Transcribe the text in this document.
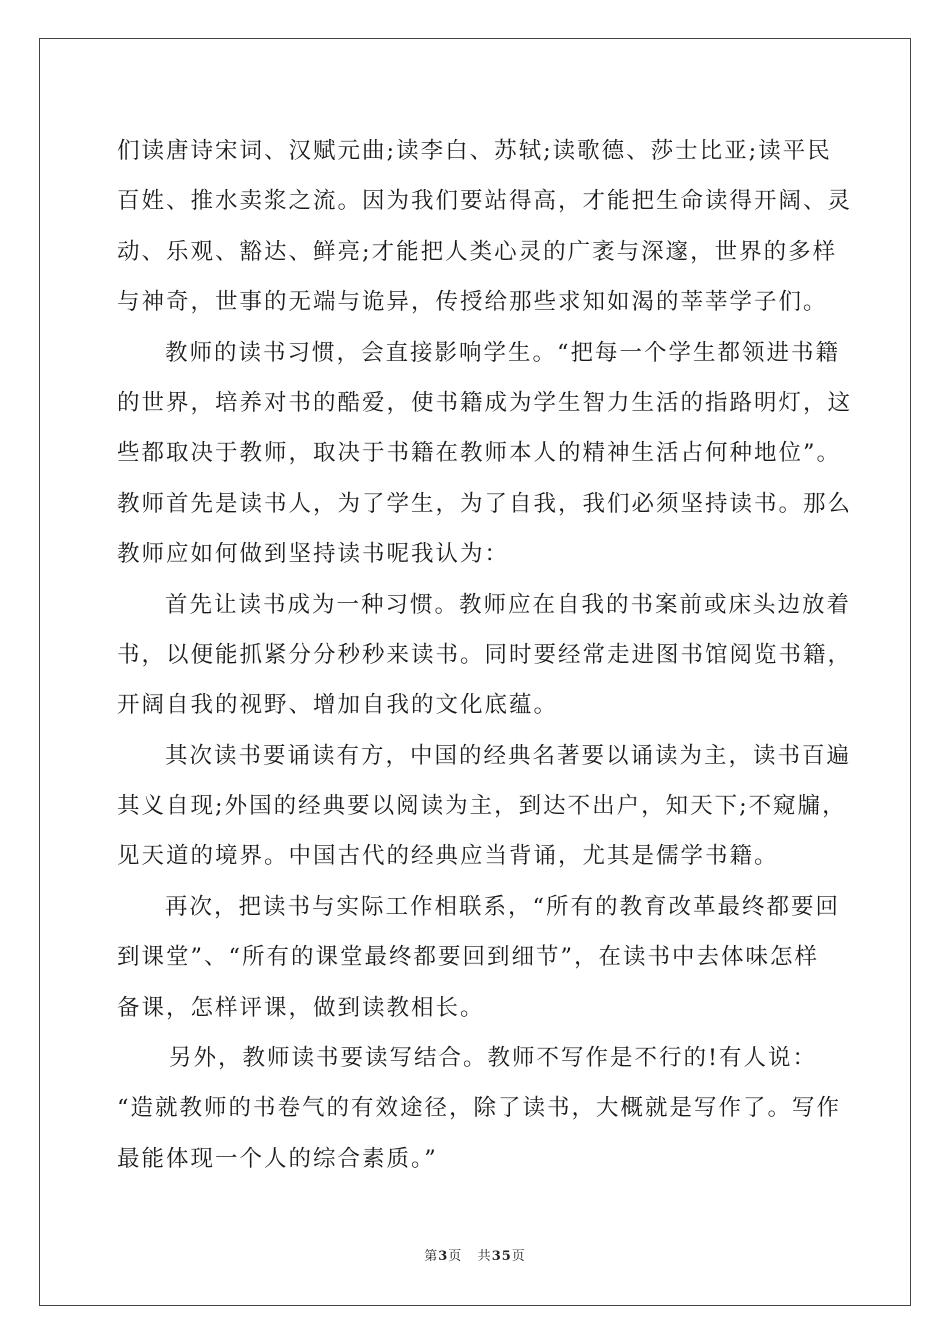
们读唐诗宋词、汉赋元曲;读李白、苏轼;读歌德、莎士比亚;读平民
百姓、推水卖浆之流。因为我们要站得高，才能把生命读得开阔、灵
动、乐观、豁达、鲜亮;才能把人类心灵的广袤与深邃，世界的多样
与神奇，世事的无端与诡异，传授给那些求知如渴的莘莘学子们。
教师的读书习惯，会直接影响学生。“把每一个学生都领进书籍
的世界，培养对书的酷爱，使书籍成为学生智力生活的指路明灯，这
些都取决于教师，取决于书籍在教师本人的精神生活占何种地位”。
教师首先是读书人，为了学生，为了自我，我们必须坚持读书。那么
教师应如何做到坚持读书呢我认为：
首先让读书成为一种习惯。教师应在自我的书案前或床头边放着
书，以便能抓紧分分秒秒来读书。同时要经常走进图书馆阅览书籍，
开阔自我的视野、增加自我的文化底蕴。
其次读书要诵读有方，中国的经典名著要以诵读为主，读书百遍
其义自现;外国的经典要以阅读为主，到达不出户，知天下;不窥牖，
见天道的境界。中国古代的经典应当背诵，尤其是儒学书籍。
再次，把读书与实际工作相联系，“所有的教育改革最终都要回
到课堂”、“所有的课堂最终都要回到细节”，在读书中去体味怎样
备课，怎样评课，做到读教相长。
另外，教师读书要读写结合。教师不写作是不行的!有人说：
“造就教师的书卷气的有效途径，除了读书，大概就是写作了。写作
最能体现一个人的综合素质。”
第3页 共35页
